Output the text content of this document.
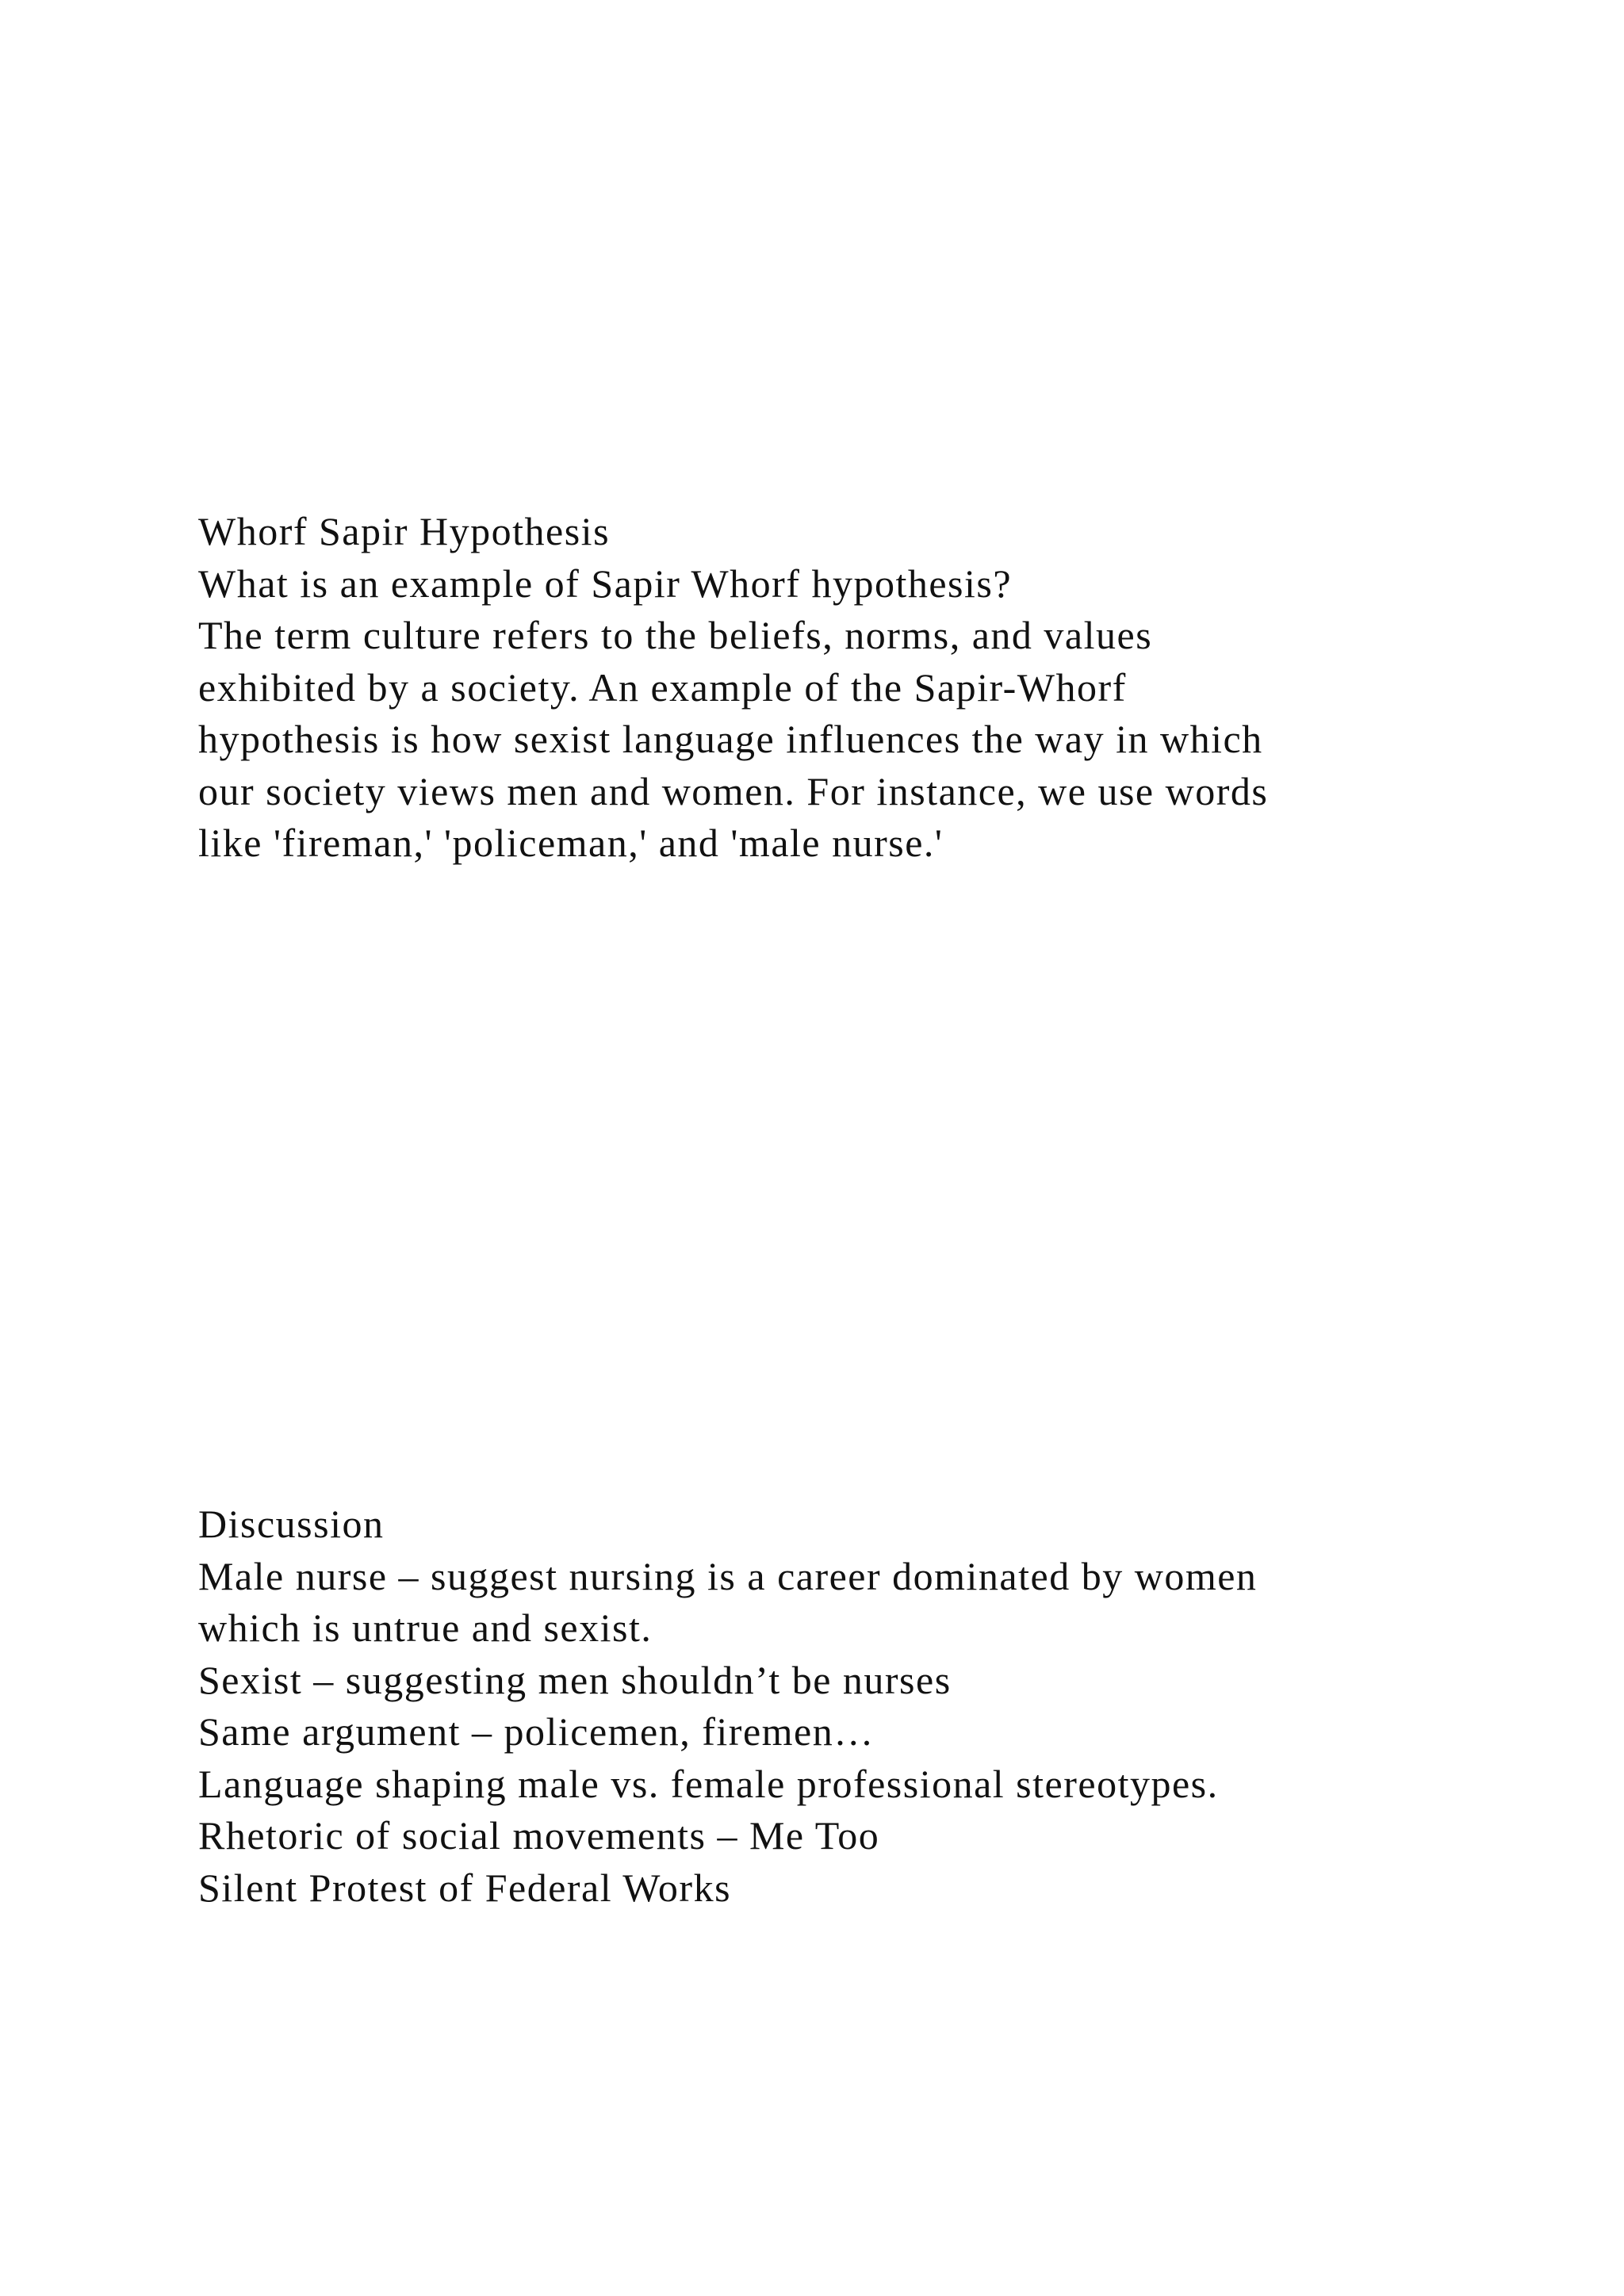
Whorf Sapir Hypothesis
What is an example of Sapir Whorf hypothesis?
The term culture refers to the beliefs, norms, and values
exhibited by a society. An example of the Sapir-Whorf
hypothesis is how sexist language influences the way in which
our society views men and women. For instance, we use words
like 'fireman,' 'policeman,' and 'male nurse.'
Discussion
Male nurse – suggest nursing is a career dominated by women
which is untrue and sexist.
Sexist – suggesting men shouldn’t be nurses
Same argument – policemen, firemen…
Language shaping male vs. female professional stereotypes.
Rhetoric of social movements – Me Too
Silent Protest of Federal Works
